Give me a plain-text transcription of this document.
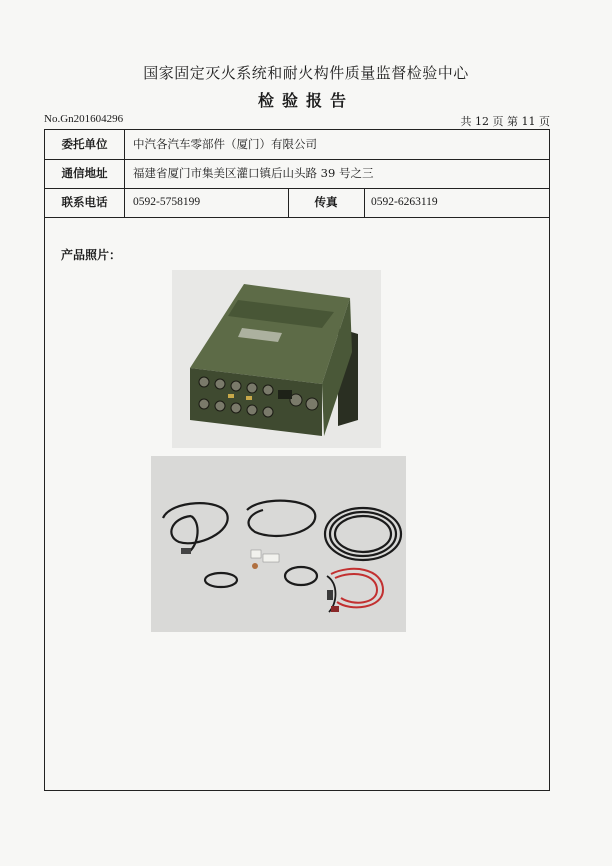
国家固定灭火系统和耐火构件质量监督检验中心
检验报告
No.Gn201604296	共 12 页 第 11 页
委托单位	中汽各汽车零部件（厦门）有限公司
通信地址	福建省厦门市集美区灌口镇后山头路 39 号之三
联系电话	0592-5758199	传真	0592-6263119
产品照片：
